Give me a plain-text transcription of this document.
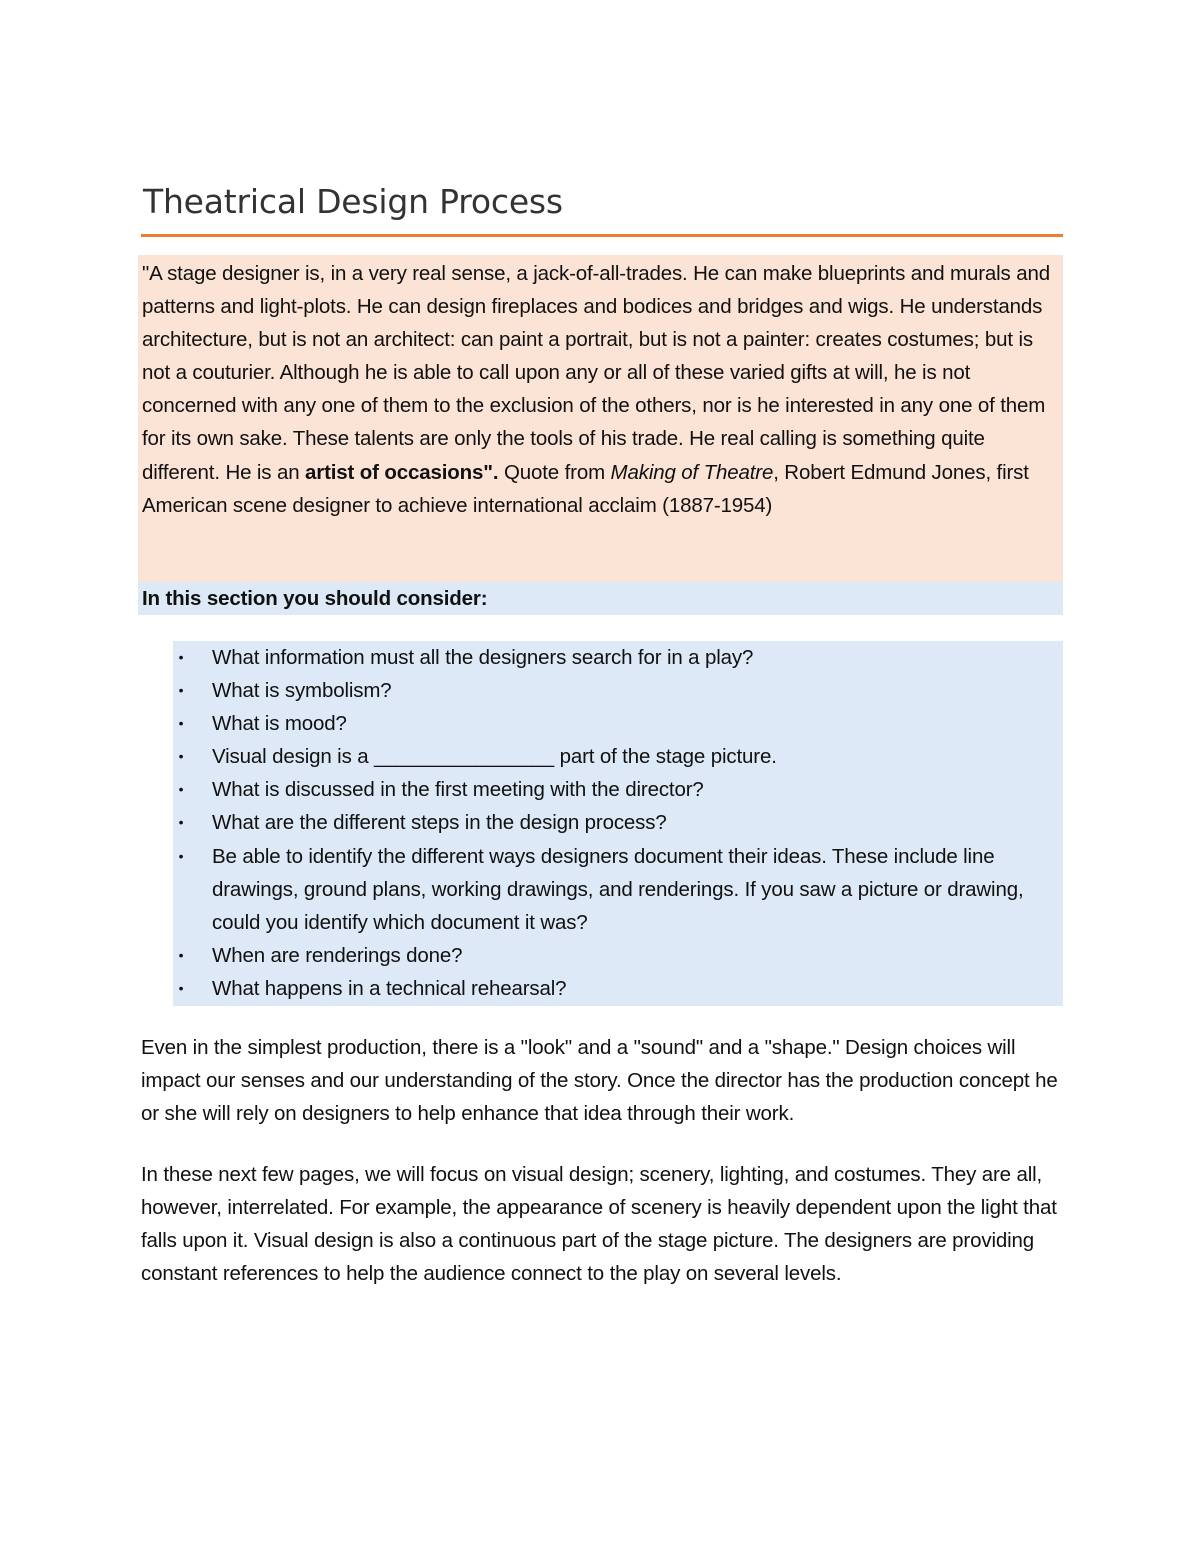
Theatrical Design Process

"A stage designer is, in a very real sense, a jack-of-all-trades. He can make blueprints and murals and patterns and light-plots. He can design fireplaces and bodices and bridges and wigs. He understands architecture, but is not an architect: can paint a portrait, but is not a painter: creates costumes; but is not a couturier. Although he is able to call upon any or all of these varied gifts at will, he is not concerned with any one of them to the exclusion of the others, nor is he interested in any one of them for its own sake. These talents are only the tools of his trade. He real calling is something quite different. He is an artist of occasions". Quote from Making of Theatre, Robert Edmund Jones, first American scene designer to achieve international acclaim (1887-1954)

In this section you should consider:

• What information must all the designers search for in a play?
• What is symbolism?
• What is mood?
• Visual design is a ________________ part of the stage picture.
• What is discussed in the first meeting with the director?
• What are the different steps in the design process?
• Be able to identify the different ways designers document their ideas. These include line drawings, ground plans, working drawings, and renderings. If you saw a picture or drawing, could you identify which document it was?
• When are renderings done?
• What happens in a technical rehearsal?

Even in the simplest production, there is a "look" and a "sound" and a "shape." Design choices will impact our senses and our understanding of the story. Once the director has the production concept he or she will rely on designers to help enhance that idea through their work.

In these next few pages, we will focus on visual design; scenery, lighting, and costumes. They are all, however, interrelated. For example, the appearance of scenery is heavily dependent upon the light that falls upon it. Visual design is also a continuous part of the stage picture. The designers are providing constant references to help the audience connect to the play on several levels.
